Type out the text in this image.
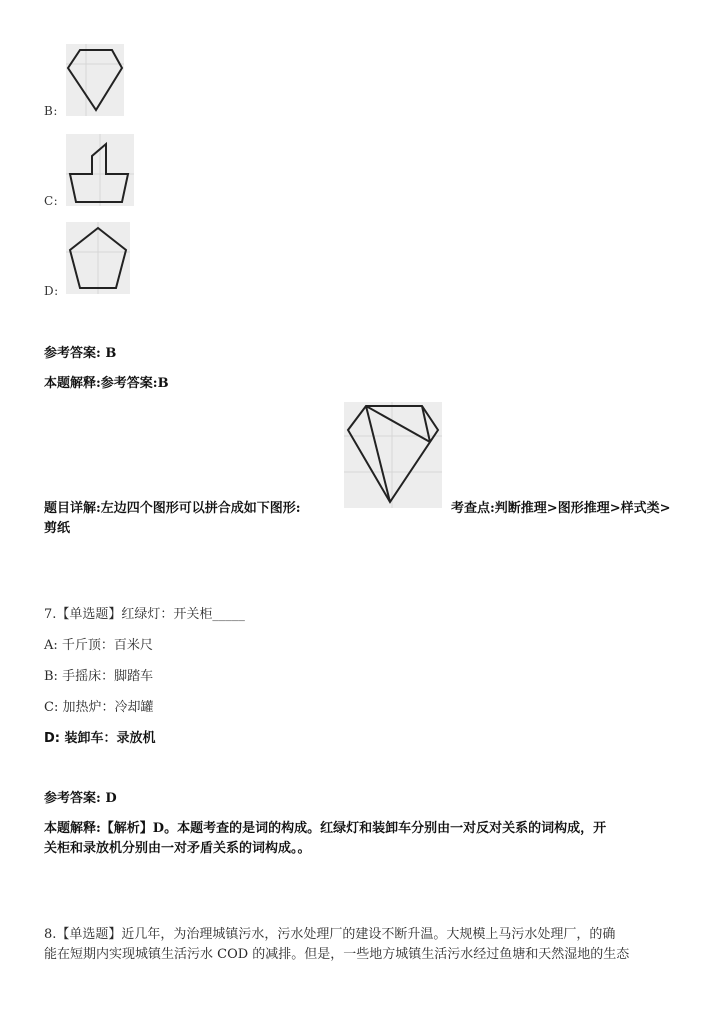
B:
C:
D:
参考答案: B
本题解释:参考答案:B
题目详解:左边四个图形可以拼合成如下图形:	考查点:判断推理>图形推理>样式类>
剪纸
7.【单选题】红绿灯：开关柜_____
A: 千斤顶：百米尺
B: 手摇床：脚踏车
C: 加热炉：冷却罐
D: 装卸车：录放机
参考答案: D
本题解释:【解析】D。本题考查的是词的构成。红绿灯和装卸车分别由一对反对关系的词构成，开
关柜和录放机分别由一对矛盾关系的词构成。。
8.【单选题】近几年，为治理城镇污水，污水处理厂的建设不断升温。大规模上马污水处理厂，的确
能在短期内实现城镇生活污水 COD 的减排。但是，一些地方城镇生活污水经过鱼塘和天然湿地的生态
